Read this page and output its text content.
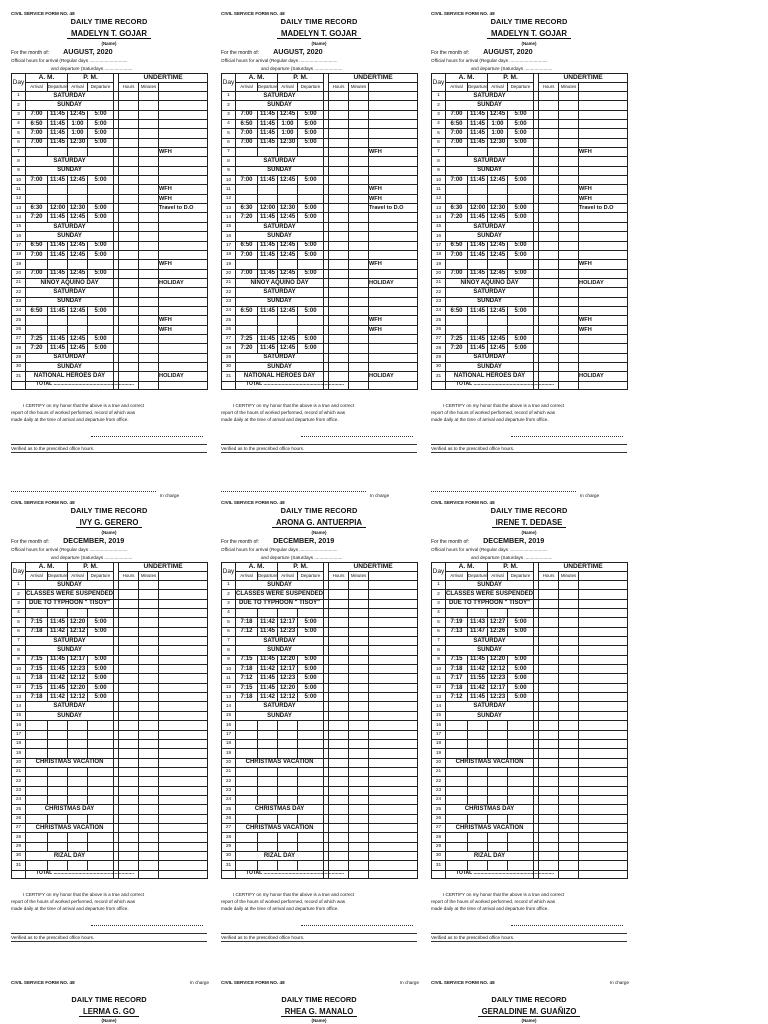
CIVIL SERVICE FORM NO. 48
DAILY TIME RECORD
MADELYN T. GOJAR
(Name)
For the month of: AUGUST, 2020
Official hours for arrival (Regular days ..............................
and departure (Saturdays ......................
Day	A. M.		P. M.			UNDERTIME		
	Arrival	Departure	Arrival	Departure		Hours	Minutes	
1	SATURDAY							
2	SUNDAY							
3	7:00	11:45	12:45	5:00				
4	6:50	11:45	1:00	5:00				
5	7:00	11:45	1:00	5:00				
6	7:00	11:45	12:30	5:00				
7								WFH
8	SATURDAY							
9	SUNDAY							
10	7:00	11:45	12:45	5:00				
11								WFH
12								WFH
13	6:30	12:00	12:30	5:00				Travel to D.O
14	7:20	11:45	12:45	5:00				
15	SATURDAY							
16	SUNDAY							
17	6:50	11:45	12:45	5:00				
18	7:00	11:45	12:45	5:00				
19								WFH
20	7:00	11:45	12:45	5:00				
21	NINOY AQUINO DAY							HOLIDAY
22	SATURDAY							
23	SUNDAY							
24	6:50	11:45	12:45	5:00				
25								WFH
26								WFH
27	7:25	11:45	12:45	5:00				
28	7:20	11:45	12:45	5:00				
29	SATURDAY							
30	SUNDAY							
31	NATIONAL HEROES DAY							HOLIDAY
	TOTAL ..........................................................							

I CERTIFY on my honor that the above is a true and correct

report of the hours of worked performed, record of which was

made daily at the time of arrival and departure from office.

Verified as to the prescribed office hours.
CIVIL SERVICE FORM NO. 48
DAILY TIME RECORD
MADELYN T. GOJAR
(Name)
For the month of: AUGUST, 2020
Official hours for arrival (Regular days ..............................
and departure (Saturdays ......................
Day	A. M.		P. M.			UNDERTIME		
	Arrival	Departure	Arrival	Departure		Hours	Minutes	
1	SATURDAY							
2	SUNDAY							
3	7:00	11:45	12:45	5:00				
4	6:50	11:45	1:00	5:00				
5	7:00	11:45	1:00	5:00				
6	7:00	11:45	12:30	5:00				
7								WFH
8	SATURDAY							
9	SUNDAY							
10	7:00	11:45	12:45	5:00				
11								WFH
12								WFH
13	6:30	12:00	12:30	5:00				Travel to D.O
14	7:20	11:45	12:45	5:00				
15	SATURDAY							
16	SUNDAY							
17	6:50	11:45	12:45	5:00				
18	7:00	11:45	12:45	5:00				
19								WFH
20	7:00	11:45	12:45	5:00				
21	NINOY AQUINO DAY							HOLIDAY
22	SATURDAY							
23	SUNDAY							
24	6:50	11:45	12:45	5:00				
25								WFH
26								WFH
27	7:25	11:45	12:45	5:00				
28	7:20	11:45	12:45	5:00				
29	SATURDAY							
30	SUNDAY							
31	NATIONAL HEROES DAY							HOLIDAY
	TOTAL ..........................................................							

I CERTIFY on my honor that the above is a true and correct

report of the hours of worked performed, record of which was

made daily at the time of arrival and departure from office.

Verified as to the prescribed office hours.
CIVIL SERVICE FORM NO. 48
DAILY TIME RECORD
MADELYN T. GOJAR
(Name)
For the month of: AUGUST, 2020
Official hours for arrival (Regular days ..............................
and departure (Saturdays ......................
Day	A. M.		P. M.			UNDERTIME		
	Arrival	Departure	Arrival	Departure		Hours	Minutes	
1	SATURDAY							
2	SUNDAY							
3	7:00	11:45	12:45	5:00				
4	6:50	11:45	1:00	5:00				
5	7:00	11:45	1:00	5:00				
6	7:00	11:45	12:30	5:00				
7								WFH
8	SATURDAY							
9	SUNDAY							
10	7:00	11:45	12:45	5:00				
11								WFH
12								WFH
13	6:30	12:00	12:30	5:00				Travel to D.O
14	7:20	11:45	12:45	5:00				
15	SATURDAY							
16	SUNDAY							
17	6:50	11:45	12:45	5:00				
18	7:00	11:45	12:45	5:00				
19								WFH
20	7:00	11:45	12:45	5:00				
21	NINOY AQUINO DAY							HOLIDAY
22	SATURDAY							
23	SUNDAY							
24	6:50	11:45	12:45	5:00				
25								WFH
26								WFH
27	7:25	11:45	12:45	5:00				
28	7:20	11:45	12:45	5:00				
29	SATURDAY							
30	SUNDAY							
31	NATIONAL HEROES DAY							HOLIDAY
	TOTAL ..........................................................							

I CERTIFY on my honor that the above is a true and correct

report of the hours of worked performed, record of which was

made daily at the time of arrival and departure from office.

Verified as to the prescribed office hours.
CIVIL SERVICE FORM NO. 48
DAILY TIME RECORD
IVY G. GERERO
(Name)
For the month of: DECEMBER, 2019
Official hours for arrival (Regular days ..............................
and departure (Saturdays ......................
Day	A. M.		P. M.			UNDERTIME		
	Arrival	Departure	Arrival	Departure		Hours	Minutes	
1	SUNDAY							
2	CLASSES WERE SUSPENDED							
3	DUE TO TYPHOON " TISOY"							
4								
5	7:15	11:45	12:20	5:00				
6	7:18	11:42	12:12	5:00				
7	SATURDAY							
8	SUNDAY							
9	7:15	11:45	12:17	5:00				
10	7:15	11:45	12:23	5:00				
11	7:18	11:42	12:12	5:00				
12	7:15	11:45	12:20	5:00				
13	7:18	11:42	12:12	5:00				
14	SATURDAY							
15	SUNDAY							
16								
17								
18								
19								
20	CHRISTMAS VACATION							
21								
22								
23								
24								
25	CHRISTMAS DAY							
26								
27	CHRISTMAS VACATION							
28								
29								
30	RIZAL DAY							
31								
	TOTAL ..........................................................							

I CERTIFY on my honor that the above is a true and correct

report of the hours of worked performed, record of which was

made daily at the time of arrival and departure from office.

Verified as to the prescribed office hours.
CIVIL SERVICE FORM NO. 48
DAILY TIME RECORD
ARONA G. ANTUERPIA
(Name)
For the month of: DECEMBER, 2019
Official hours for arrival (Regular days ..............................
and departure (Saturdays ......................
Day	A. M.		P. M.			UNDERTIME		
	Arrival	Departure	Arrival	Departure		Hours	Minutes	
1	SUNDAY							
2	CLASSES WERE SUSPENDED							
3	DUE TO TYPHOON " TISOY"							
4								
5	7:18	11:42	12:17	5:00				
6	7:12	11:45	12:23	5:00				
7	SATURDAY							
8	SUNDAY							
9	7:15	11:45	12:20	5:00				
10	7:18	11:42	12:17	5:00				
11	7:12	11:45	12:23	5:00				
12	7:15	11:45	12:20	5:00				
13	7:18	11:42	12:12	5:00				
14	SATURDAY							
15	SUNDAY							
16								
17								
18								
19								
20	CHRISTMAS VACATION							
21								
22								
23								
24								
25	CHRISTMAS DAY							
26								
27	CHRISTMAS VACATION							
28								
29								
30	RIZAL DAY							
31								
	TOTAL ..........................................................							

I CERTIFY on my honor that the above is a true and correct

report of the hours of worked performed, record of which was

made daily at the time of arrival and departure from office.

Verified as to the prescribed office hours.
CIVIL SERVICE FORM NO. 48
DAILY TIME RECORD
IRENE T. DEDASE
(Name)
For the month of: DECEMBER, 2019
Official hours for arrival (Regular days ..............................
and departure (Saturdays ......................
Day	A. M.		P. M.			UNDERTIME		
	Arrival	Departure	Arrival	Departure		Hours	Minutes	
1	SUNDAY							
2	CLASSES WERE SUSPENDED							
3	DUE TO TYPHOON " TISOY"							
4								
5	7:19	11:43	12:27	5:00				
6	7:13	11:47	12:26	5:00				
7	SATURDAY							
8	SUNDAY							
9	7:15	11:45	12:20	5:00				
10	7:18	11:42	12:12	5:00				
11	7:17	11:55	12:23	5:00				
12	7:18	11:42	12:17	5:00				
13	7:12	11:45	12:23	5:00				
14	SATURDAY							
15	SUNDAY							
16								
17								
18								
19								
20	CHRISTMAS VACATION							
21								
22								
23								
24								
25	CHRISTMAS DAY							
26								
27	CHRISTMAS VACATION							
28								
29								
30	RIZAL DAY							
31								
	TOTAL ..........................................................							

I CERTIFY on my honor that the above is a true and correct

report of the hours of worked performed, record of which was

made daily at the time of arrival and departure from office.

Verified as to the prescribed office hours.
In charge	In charge	In charge
CIVIL SERVICE FORM NO. 48	In charge
DAILY TIME RECORD
LERMA G. GO
(Name)
CIVIL SERVICE FORM NO. 48	In charge
DAILY TIME RECORD
RHEA G. MANALO
(Name)
CIVIL SERVICE FORM NO. 48	In charge
DAILY TIME RECORD
GERALDINE M. GUAÑIZO
(Name)
